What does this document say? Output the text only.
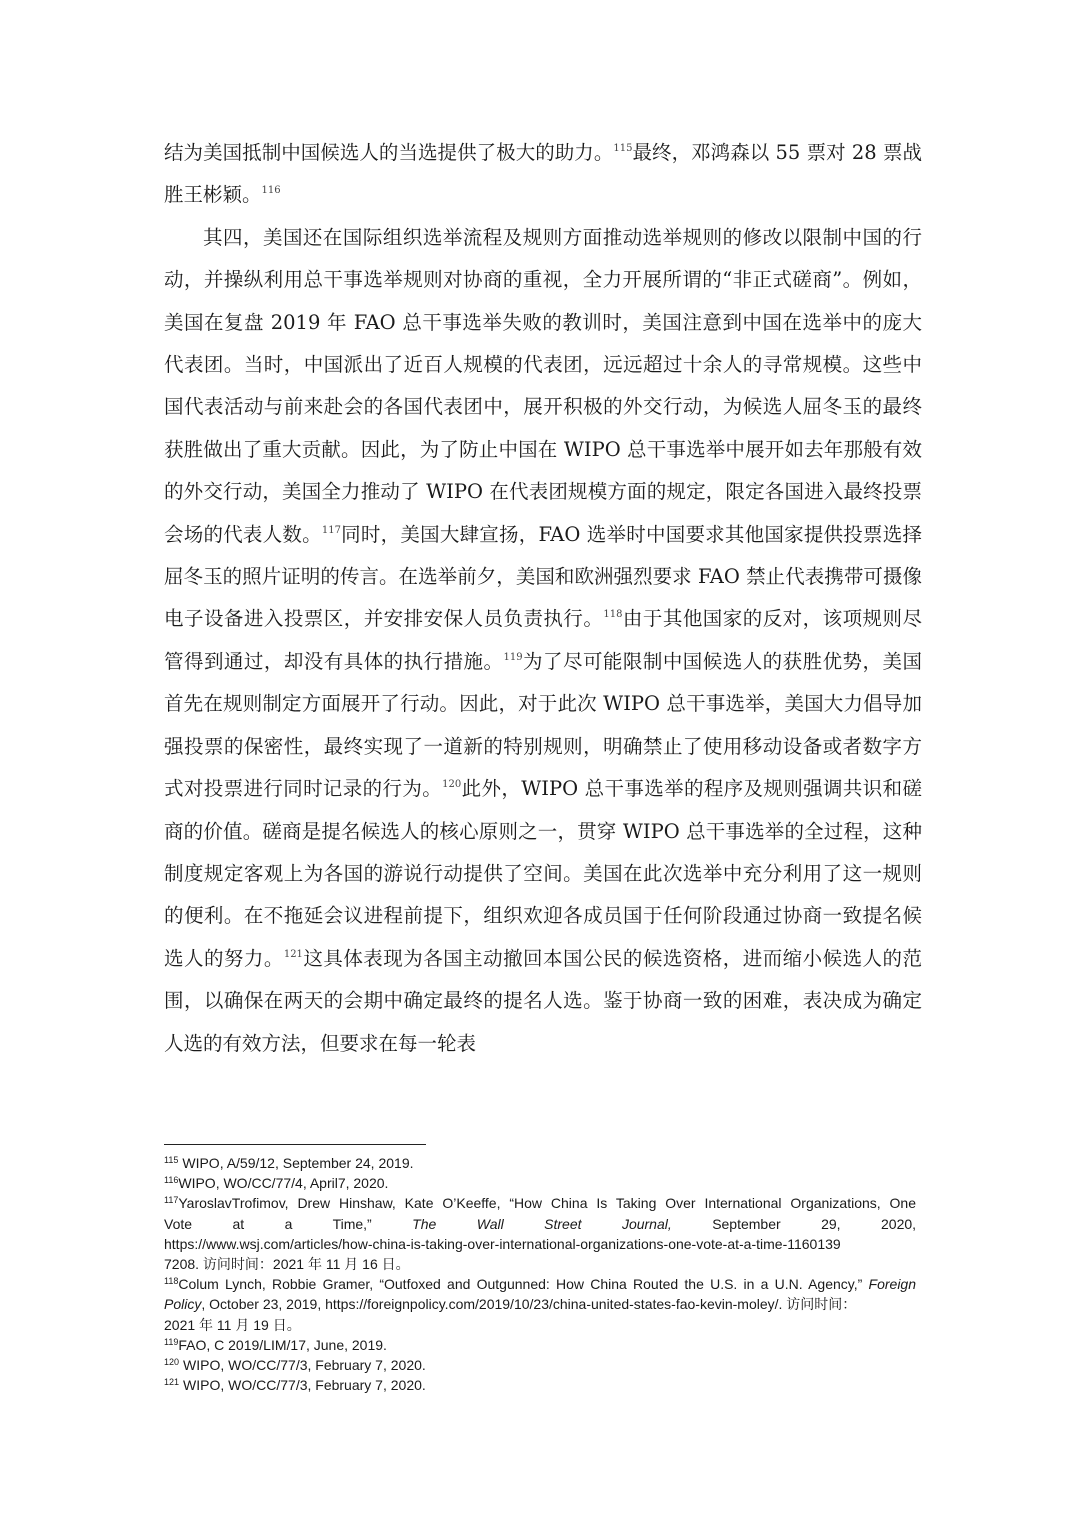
结为美国抵制中国候选人的当选提供了极大的助力。$^{115}$最终，邓鸿森以 55 票对 28 票战胜王彬颖。$^{116}$

其四，美国还在国际组织选举流程及规则方面推动选举规则的修改以限制中国的行动，并操纵利用总干事选举规则对协商的重视，全力开展所谓的“非正式磋商”。例如，美国在复盘 2019 年 FAO 总干事选举失败的教训时，美国注意到中国在选举中的庞大代表团。当时，中国派出了近百人规模的代表团，远远超过十余人的寻常规模。这些中国代表活动与前来赴会的各国代表团中，展开积极的外交行动，为候选人屈冬玉的最终获胜做出了重大贡献。因此，为了防止中国在 WIPO 总干事选举中展开如去年那般有效的外交行动，美国全力推动了 WIPO 在代表团规模方面的规定，限定各国进入最终投票会场的代表人数。$^{117}$同时，美国大肆宣扬，FAO 选举时中国要求其他国家提供投票选择屈冬玉的照片证明的传言。在选举前夕，美国和欧洲强烈要求 FAO 禁止代表携带可摄像电子设备进入投票区，并安排安保人员负责执行。$^{118}$由于其他国家的反对，该项规则尽管得到通过，却没有具体的执行措施。$^{119}$为了尽可能限制中国候选人的获胜优势，美国首先在规则制定方面展开了行动。因此，对于此次 WIPO 总干事选举，美国大力倡导加强投票的保密性，最终实现了一道新的特别规则，明确禁止了使用移动设备或者数字方式对投票进行同时记录的行为。$^{120}$此外，WIPO 总干事选举的程序及规则强调共识和磋商的价值。磋商是提名候选人的核心原则之一，贯穿 WIPO 总干事选举的全过程，这种制度规定客观上为各国的游说行动提供了空间。美国在此次选举中充分利用了这一规则的便利。在不拖延会议进程前提下，组织欢迎各成员国于任何阶段通过协商一致提名候选人的努力。$^{121}$这具体表现为各国主动撤回本国公民的候选资格，进而缩小候选人的范围，以确保在两天的会期中确定最终的提名人选。鉴于协商一致的困难，表决成为确定人选的有效方法，但要求在每一轮表

$^{115}$ WIPO, A/59/12, September 24, 2019.
$^{116}$WIPO, WO/CC/77/4, April7, 2020.
$^{117}$YaroslavTrofimov, Drew Hinshaw, Kate O’Keeffe, “How China Is Taking Over International Organizations, One
Vote	at	a	Time,”	The	Wall	Street	Journal,	September	29,	2020,
https://www.wsj.com/articles/how-china-is-taking-over-international-organizations-one-vote-at-a-time-1160139
7208. 访问时间：2021 年 11 月 16 日。
$^{118}$Colum Lynch, Robbie Gramer, “Outfoxed and Outgunned: How China Routed the U.S. in a U.N. Agency,” Foreign
Policy, October 23, 2019, https://foreignpolicy.com/2019/10/23/china-united-states-fao-kevin-moley/. 访问时间：
2021 年 11 月 19 日。
$^{119}$FAO, C 2019/LIM/17, June, 2019.
$^{120}$ WIPO, WO/CC/77/3, February 7, 2020.
$^{121}$ WIPO, WO/CC/77/3, February 7, 2020.
